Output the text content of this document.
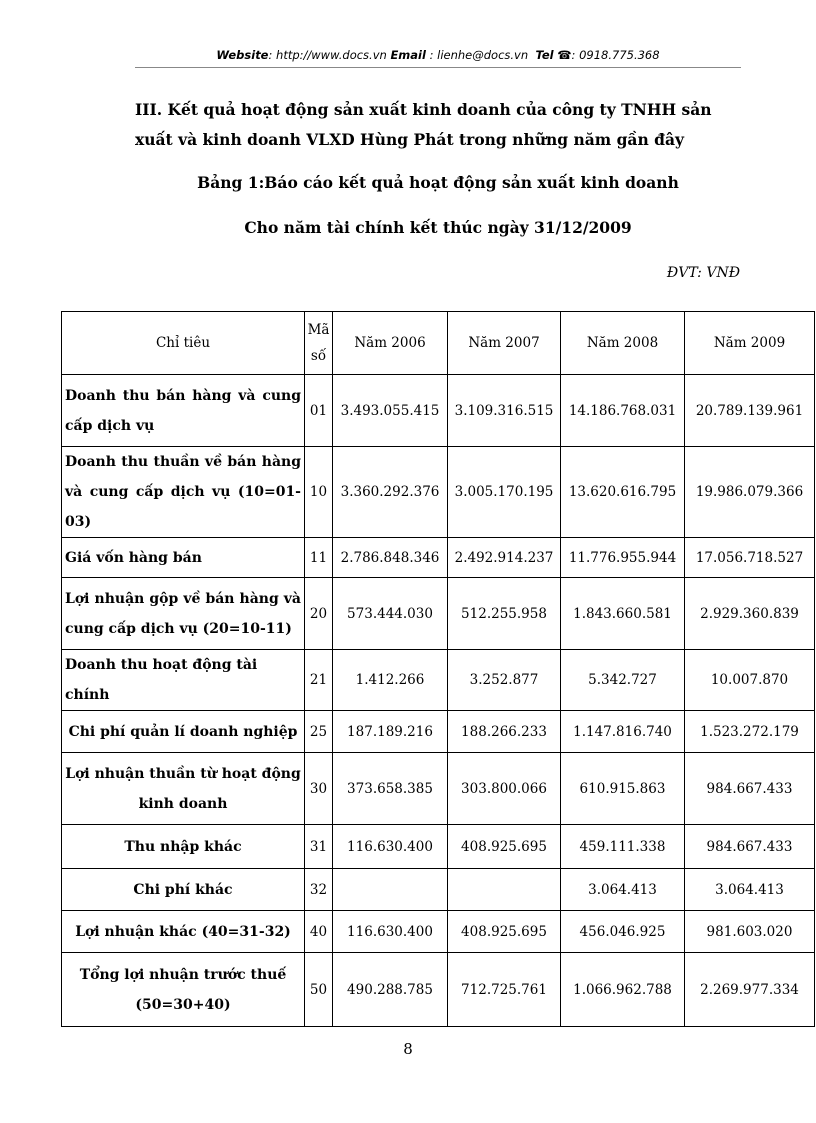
Website: http://www.docs.vn Email : lienhe@docs.vn Tel ☎: 0918.775.368
III. Kết quả hoạt động sản xuất kinh doanh của công ty TNHH sản xuất và kinh doanh VLXD Hùng Phát trong những năm gần đây
Bảng 1:Báo cáo kết quả hoạt động sản xuất kinh doanh
Cho năm tài chính kết thúc ngày 31/12/2009
ĐVT: VNĐ
Chỉ tiêu	Mã số	Năm 2006	Năm 2007	Năm 2008	Năm 2009
Doanh thu bán hàng và cung cấp dịch vụ	01	3.493.055.415	3.109.316.515	14.186.768.031	20.789.139.961
Doanh thu thuần về bán hàng và cung cấp dịch vụ (10=01-03)	10	3.360.292.376	3.005.170.195	13.620.616.795	19.986.079.366
Giá vốn hàng bán	11	2.786.848.346	2.492.914.237	11.776.955.944	17.056.718.527
Lợi nhuận gộp về bán hàng và cung cấp dịch vụ (20=10-11)	20	573.444.030	512.255.958	1.843.660.581	2.929.360.839
Doanh thu hoạt động tài chính	21	1.412.266	3.252.877	5.342.727	10.007.870
Chi phí quản lí doanh nghiệp	25	187.189.216	188.266.233	1.147.816.740	1.523.272.179
Lợi nhuận thuần từ hoạt động kinh doanh	30	373.658.385	303.800.066	610.915.863	984.667.433
Thu nhập khác	31	116.630.400	408.925.695	459.111.338	984.667.433
Chi phí khác	32			3.064.413	3.064.413
Lợi nhuận khác (40=31-32)	40	116.630.400	408.925.695	456.046.925	981.603.020
Tổng lợi nhuận trước thuế (50=30+40)	50	490.288.785	712.725.761	1.066.962.788	2.269.977.334
8
